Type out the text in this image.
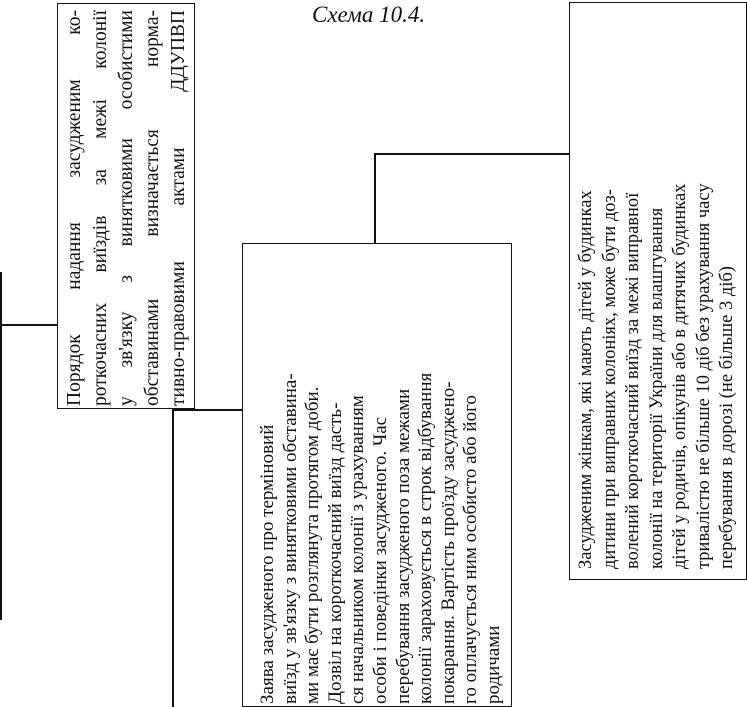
Схема 10.4.
Порядок надання засудженим ко- роткочасних виїздів за межі колонії у зв'язку з винятковими особистими обставинами визначається норма- тивно-правовими актами ДДУПВП
Заява засудженого про терміновий виїзд у зв'язку з винятковими обставина- ми має бути розглянута протягом доби. Дозвіл на короткочасний виїзд дасть- ся начальником колонії з урахуванням особи і поведінки засудженого. Час перебування засудженого поза межами колонії зараховується в строк відбування покарання. Вартість проїзду засуджено- го оплачується ним особисто або його родичами
Засудженим жінкам, які мають дітей у будинках дитини при виправних колоніях, може бути доз- волений короткочасний виїзд за межі виправної колонії на території України для влаштування дітей у родичів, опікунів або в дитячих будинках тривалістю не більше 10 діб без урахування часу перебування в дорозі (не більше 3 діб)
